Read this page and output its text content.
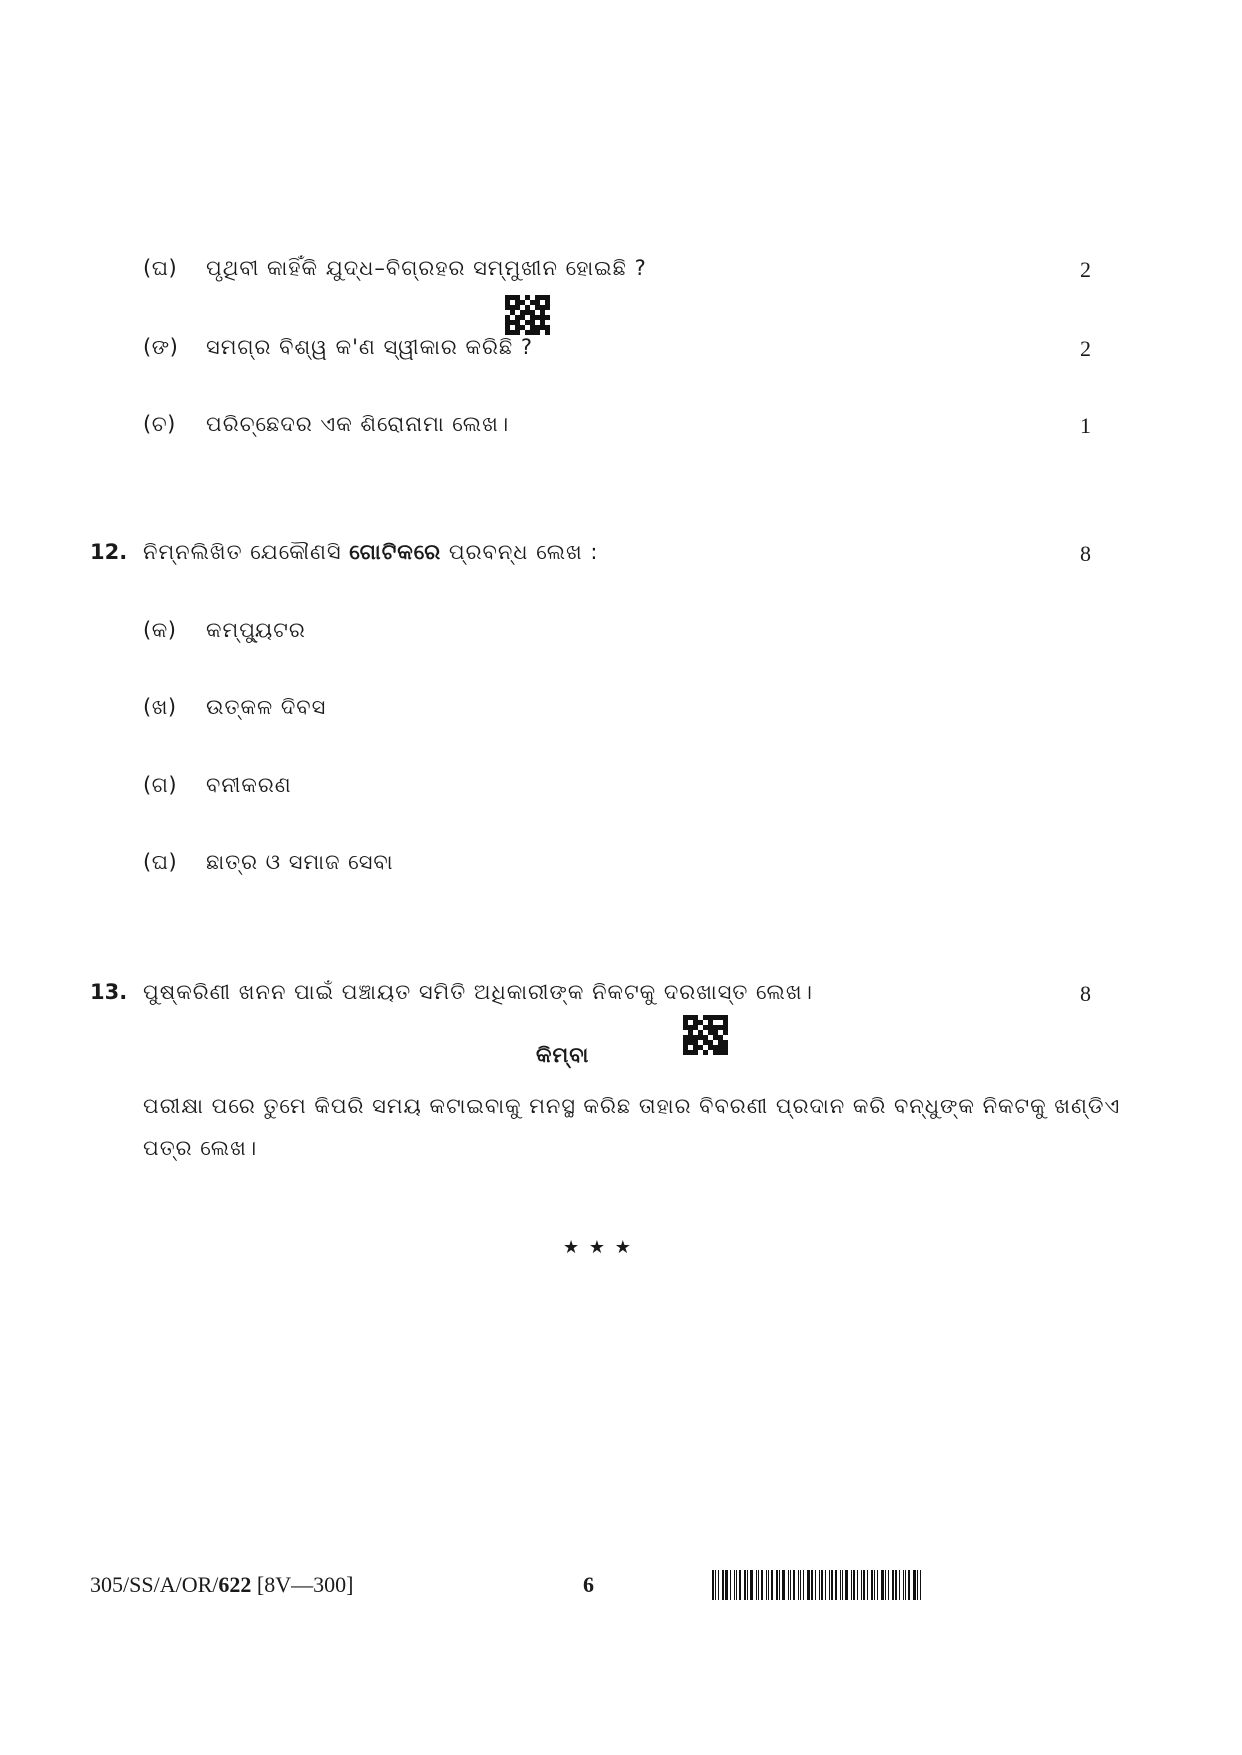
(ଘ) ପୃଥିବୀ କାହିଁକି ଯୁଦ୍ଧ–ବିଗ୍ରହର ସମ୍ମୁଖୀନ ହୋଇଛି ?	2
(ଙ) ସମଗ୍ର ବିଶ୍ୱ କ'ଣ ସ୍ୱୀକାର କରିଛି ?	2
(ଚ) ପରିଚ୍ଛେଦର ଏକ ଶିରୋନାମା ଲେଖ।	1
12. ନିମ୍ନଲିଖିତ ଯେକୌଣସି ଗୋଟିକରେ ପ୍ରବନ୍ଧ ଲେଖ :	8
(କ) କମ୍ପ୍ୟୁଟର
(ଖ) ଉତ୍କଳ ଦିବସ
(ଗ) ବନୀକରଣ
(ଘ) ଛାତ୍ର ଓ ସମାଜ ସେବା
13. ପୁଷ୍କରିଣୀ ଖନନ ପାଇଁ ପଞ୍ଚାୟତ ସମିତି ଅଧିକାରୀଙ୍କ ନିକଟକୁ ଦରଖାସ୍ତ ଲେଖ।	8
କିମ୍ବା
ପରୀକ୍ଷା ପରେ ତୁମେ କିପରି ସମୟ କଟାଇବାକୁ ମନସ୍ଥ କରିଛ ତାହାର ବିବରଣୀ ପ୍ରଦାନ କରି ବନ୍ଧୁଙ୍କ ନିକଟକୁ ଖଣ୍ଡିଏ
ପତ୍ର ଲେଖ।
★ ★ ★
305/SS/A/OR/622 [8V—300]	6
